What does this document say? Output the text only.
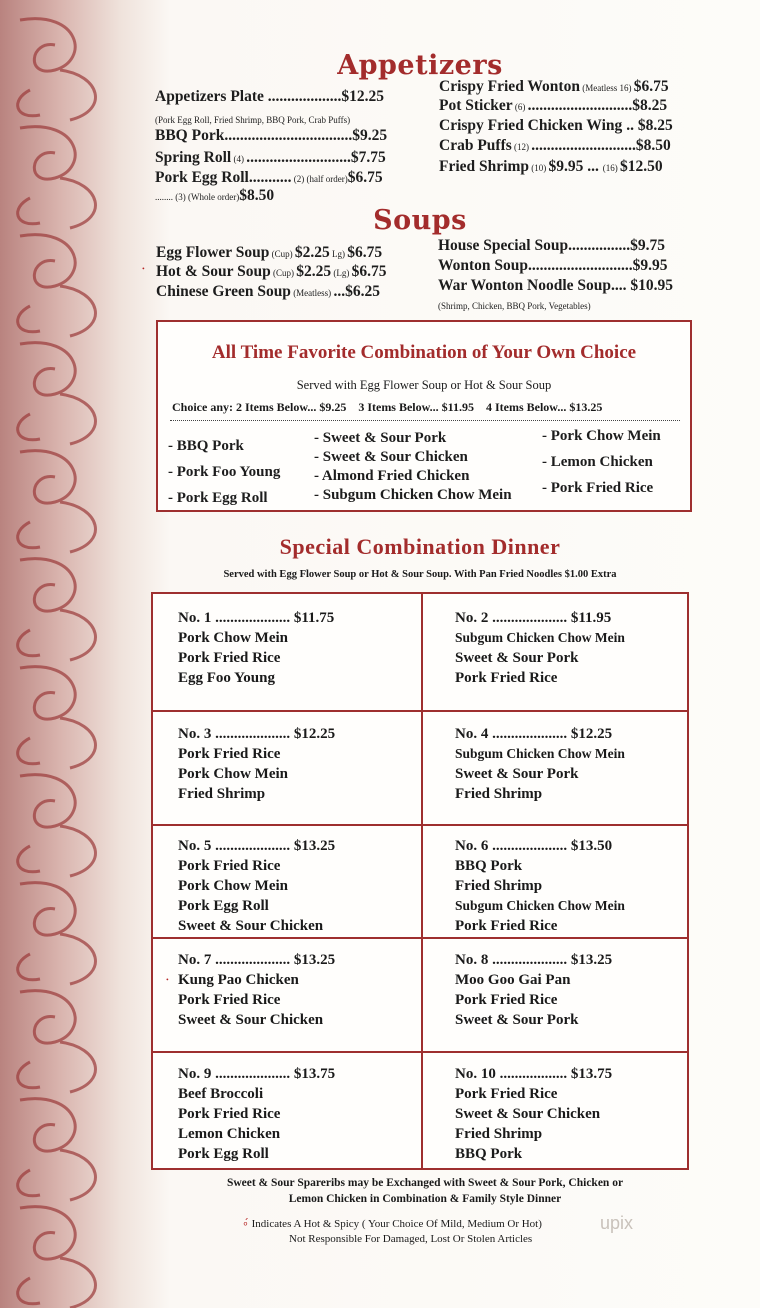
Appetizers
Appetizers Plate ...................$12.25
(Pork Egg Roll, Fried Shrimp, BBQ Pork, Crab Puffs)
BBQ Pork.................................$9.25
Spring Roll (4) ...........................$7.75
Pork Egg Roll........... (2) (half order)$6.75
........ (3) (Whole order)$8.50
Crispy Fried Wonton (Meatless 16) $6.75
Pot Sticker (6) ...........................$8.25
Crispy Fried Chicken Wing .. $8.25
Crab Puffs (12) ...........................$8.50
Fried Shrimp (10) $9.95 ... (16) $12.50
Soups
Egg Flower Soup (Cup) $2.25 Lg) $6.75
∙ Hot & Sour Soup (Cup) $2.25 (Lg) $6.75
Chinese Green Soup (Meatless) ...$6.25
House Special Soup................$9.75
Wonton Soup...........................$9.95
War Wonton Noodle Soup.... $10.95
(Shrimp, Chicken, BBQ Pork, Vegetables)
All Time Favorite Combination of Your Own Choice
Served with Egg Flower Soup or Hot & Sour Soup
Choice any: 2 Items Below... $9.25    3 Items Below... $11.95    4 Items Below... $13.25
- BBQ Pork
- Pork Foo Young
- Pork Egg Roll
- Sweet & Sour Pork
- Sweet & Sour Chicken
- Almond Fried Chicken
- Subgum Chicken Chow Mein
- Pork Chow Mein
- Lemon Chicken
- Pork Fried Rice
Special Combination Dinner
Served with Egg Flower Soup or Hot & Sour Soup. With Pan Fried Noodles $1.00 Extra
No. 1 .................... $11.75
Pork Chow Mein
Pork Fried Rice
Egg Foo Young
No. 2 .................... $11.95
Subgum Chicken Chow Mein
Sweet & Sour Pork
Pork Fried Rice
No. 3 .................... $12.25
Pork Fried Rice
Pork Chow Mein
Fried Shrimp
No. 4 .................... $12.25
Subgum Chicken Chow Mein
Sweet & Sour Pork
Fried Shrimp
No. 5 .................... $13.25
Pork Fried Rice
Pork Chow Mein
Pork Egg Roll
Sweet & Sour Chicken
No. 6 .................... $13.50
BBQ Pork
Fried Shrimp
Subgum Chicken Chow Mein
Pork Fried Rice
No. 7 .................... $13.25
∙ Kung Pao Chicken
Pork Fried Rice
Sweet & Sour Chicken
No. 8 .................... $13.25
Moo Goo Gai Pan
Pork Fried Rice
Sweet & Sour Pork
No. 9 .................... $13.75
Beef Broccoli
Pork Fried Rice
Lemon Chicken
Pork Egg Roll
No. 10 .................. $13.75
Pork Fried Rice
Sweet & Sour Chicken
Fried Shrimp
BBQ Pork
Sweet & Sour Spareribs may be Exchanged with Sweet & Sour Pork, Chicken or
Lemon Chicken in Combination & Family Style Dinner
∘́ Indicates A Hot & Spicy ( Your Choice Of Mild, Medium Or Hot)
Not Responsible For Damaged, Lost Or Stolen Articles
upix
